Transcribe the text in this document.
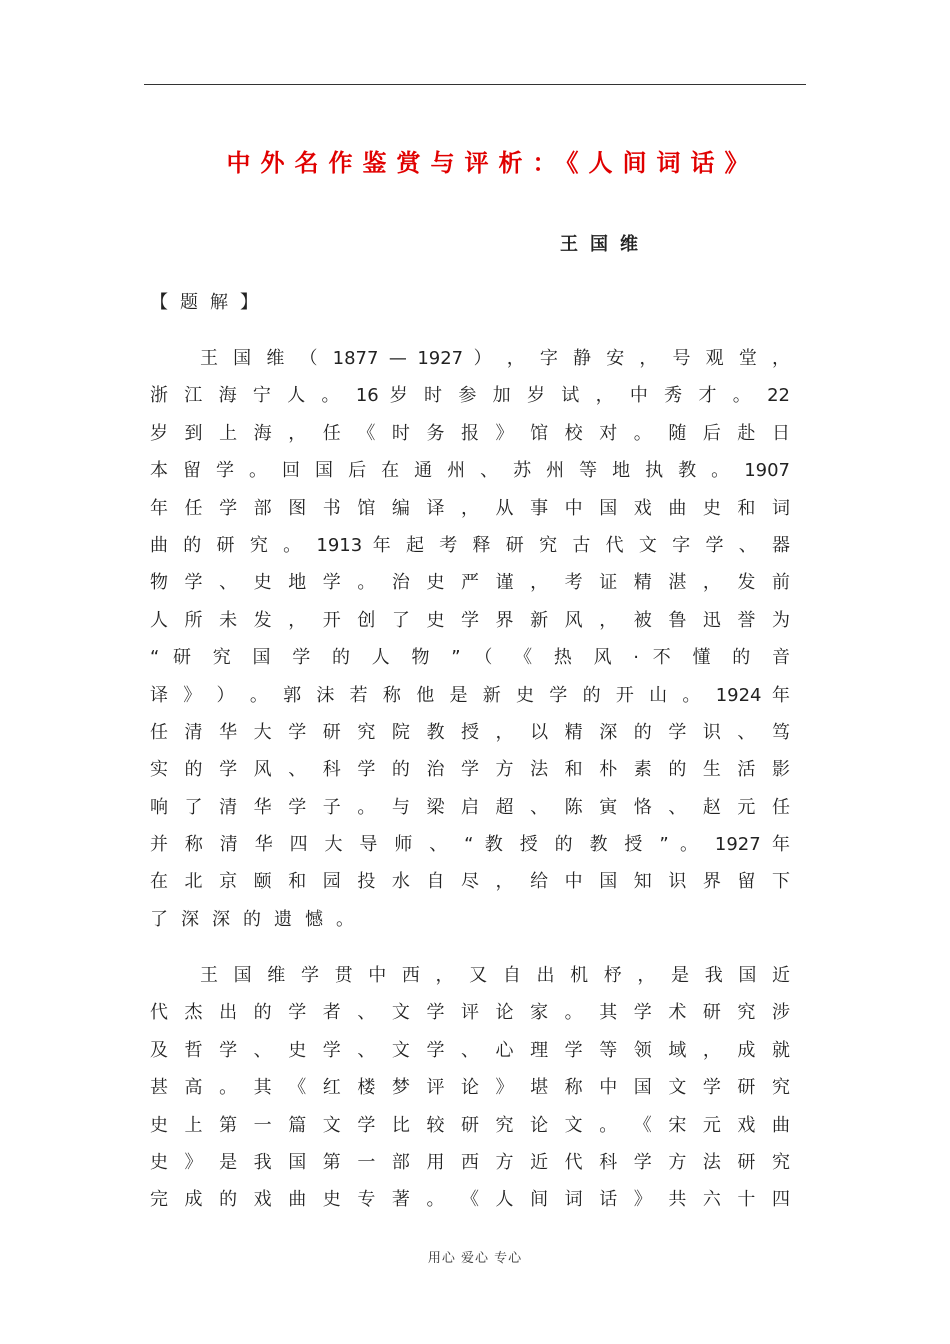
中外名作鉴赏与评析：《人间词话》
王国维
【题解】
王 国 维 （ 1877 — 1927 ） ， 字 静 安 ， 号 观 堂 ，
浙 江 海 宁 人 。 16 岁 时 参 加 岁 试 ， 中 秀 才 。 22
岁 到 上 海 ， 任 《 时 务 报 》 馆 校 对 。 随 后 赴 日
本 留 学 。 回 国 后 在 通 州 、 苏 州 等 地 执 教 。 1907
年 任 学 部 图 书 馆 编 译 ， 从 事 中 国 戏 曲 史 和 词
曲 的 研 究 。 1913 年 起 考 释 研 究 古 代 文 字 学 、 器
物 学 、 史 地 学 。 治 史 严 谨 ， 考 证 精 湛 ， 发 前
人 所 未 发 ， 开 创 了 史 学 界 新 风 ， 被 鲁 迅 誉 为
“ 研 究 国 学 的 人 物 ” （ 《 热 风 · 不 懂 的 音
译 》 ） 。 郭 沫 若 称 他 是 新 史 学 的 开 山 。 1924 年
任 清 华 大 学 研 究 院 教 授 ， 以 精 深 的 学 识 、 笃
实 的 学 风 、 科 学 的 治 学 方 法 和 朴 素 的 生 活 影
响 了 清 华 学 子 。 与 梁 启 超 、 陈 寅 恪 、 赵 元 任
并 称 清 华 四 大 导 师 、 “ 教 授 的 教 授 ” 。 1927 年
在 北 京 颐 和 园 投 水 自 尽 ， 给 中 国 知 识 界 留 下
了深深的遗憾。
王 国 维 学 贯 中 西 ， 又 自 出 机 杼 ， 是 我 国 近
代 杰 出 的 学 者 、 文 学 评 论 家 。 其 学 术 研 究 涉
及 哲 学 、 史 学 、 文 学 、 心 理 学 等 领 域 ， 成 就
甚 高 。 其 《 红 楼 梦 评 论 》 堪 称 中 国 文 学 研 究
史 上 第 一 篇 文 学 比 较 研 究 论 文 。 《 宋 元 戏 曲
史 》 是 我 国 第 一 部 用 西 方 近 代 科 学 方 法 研 究
完 成 的 戏 曲 史 专 著 。 《 人 间 词 话 》 共 六 十 四
用心 爱心 专心
